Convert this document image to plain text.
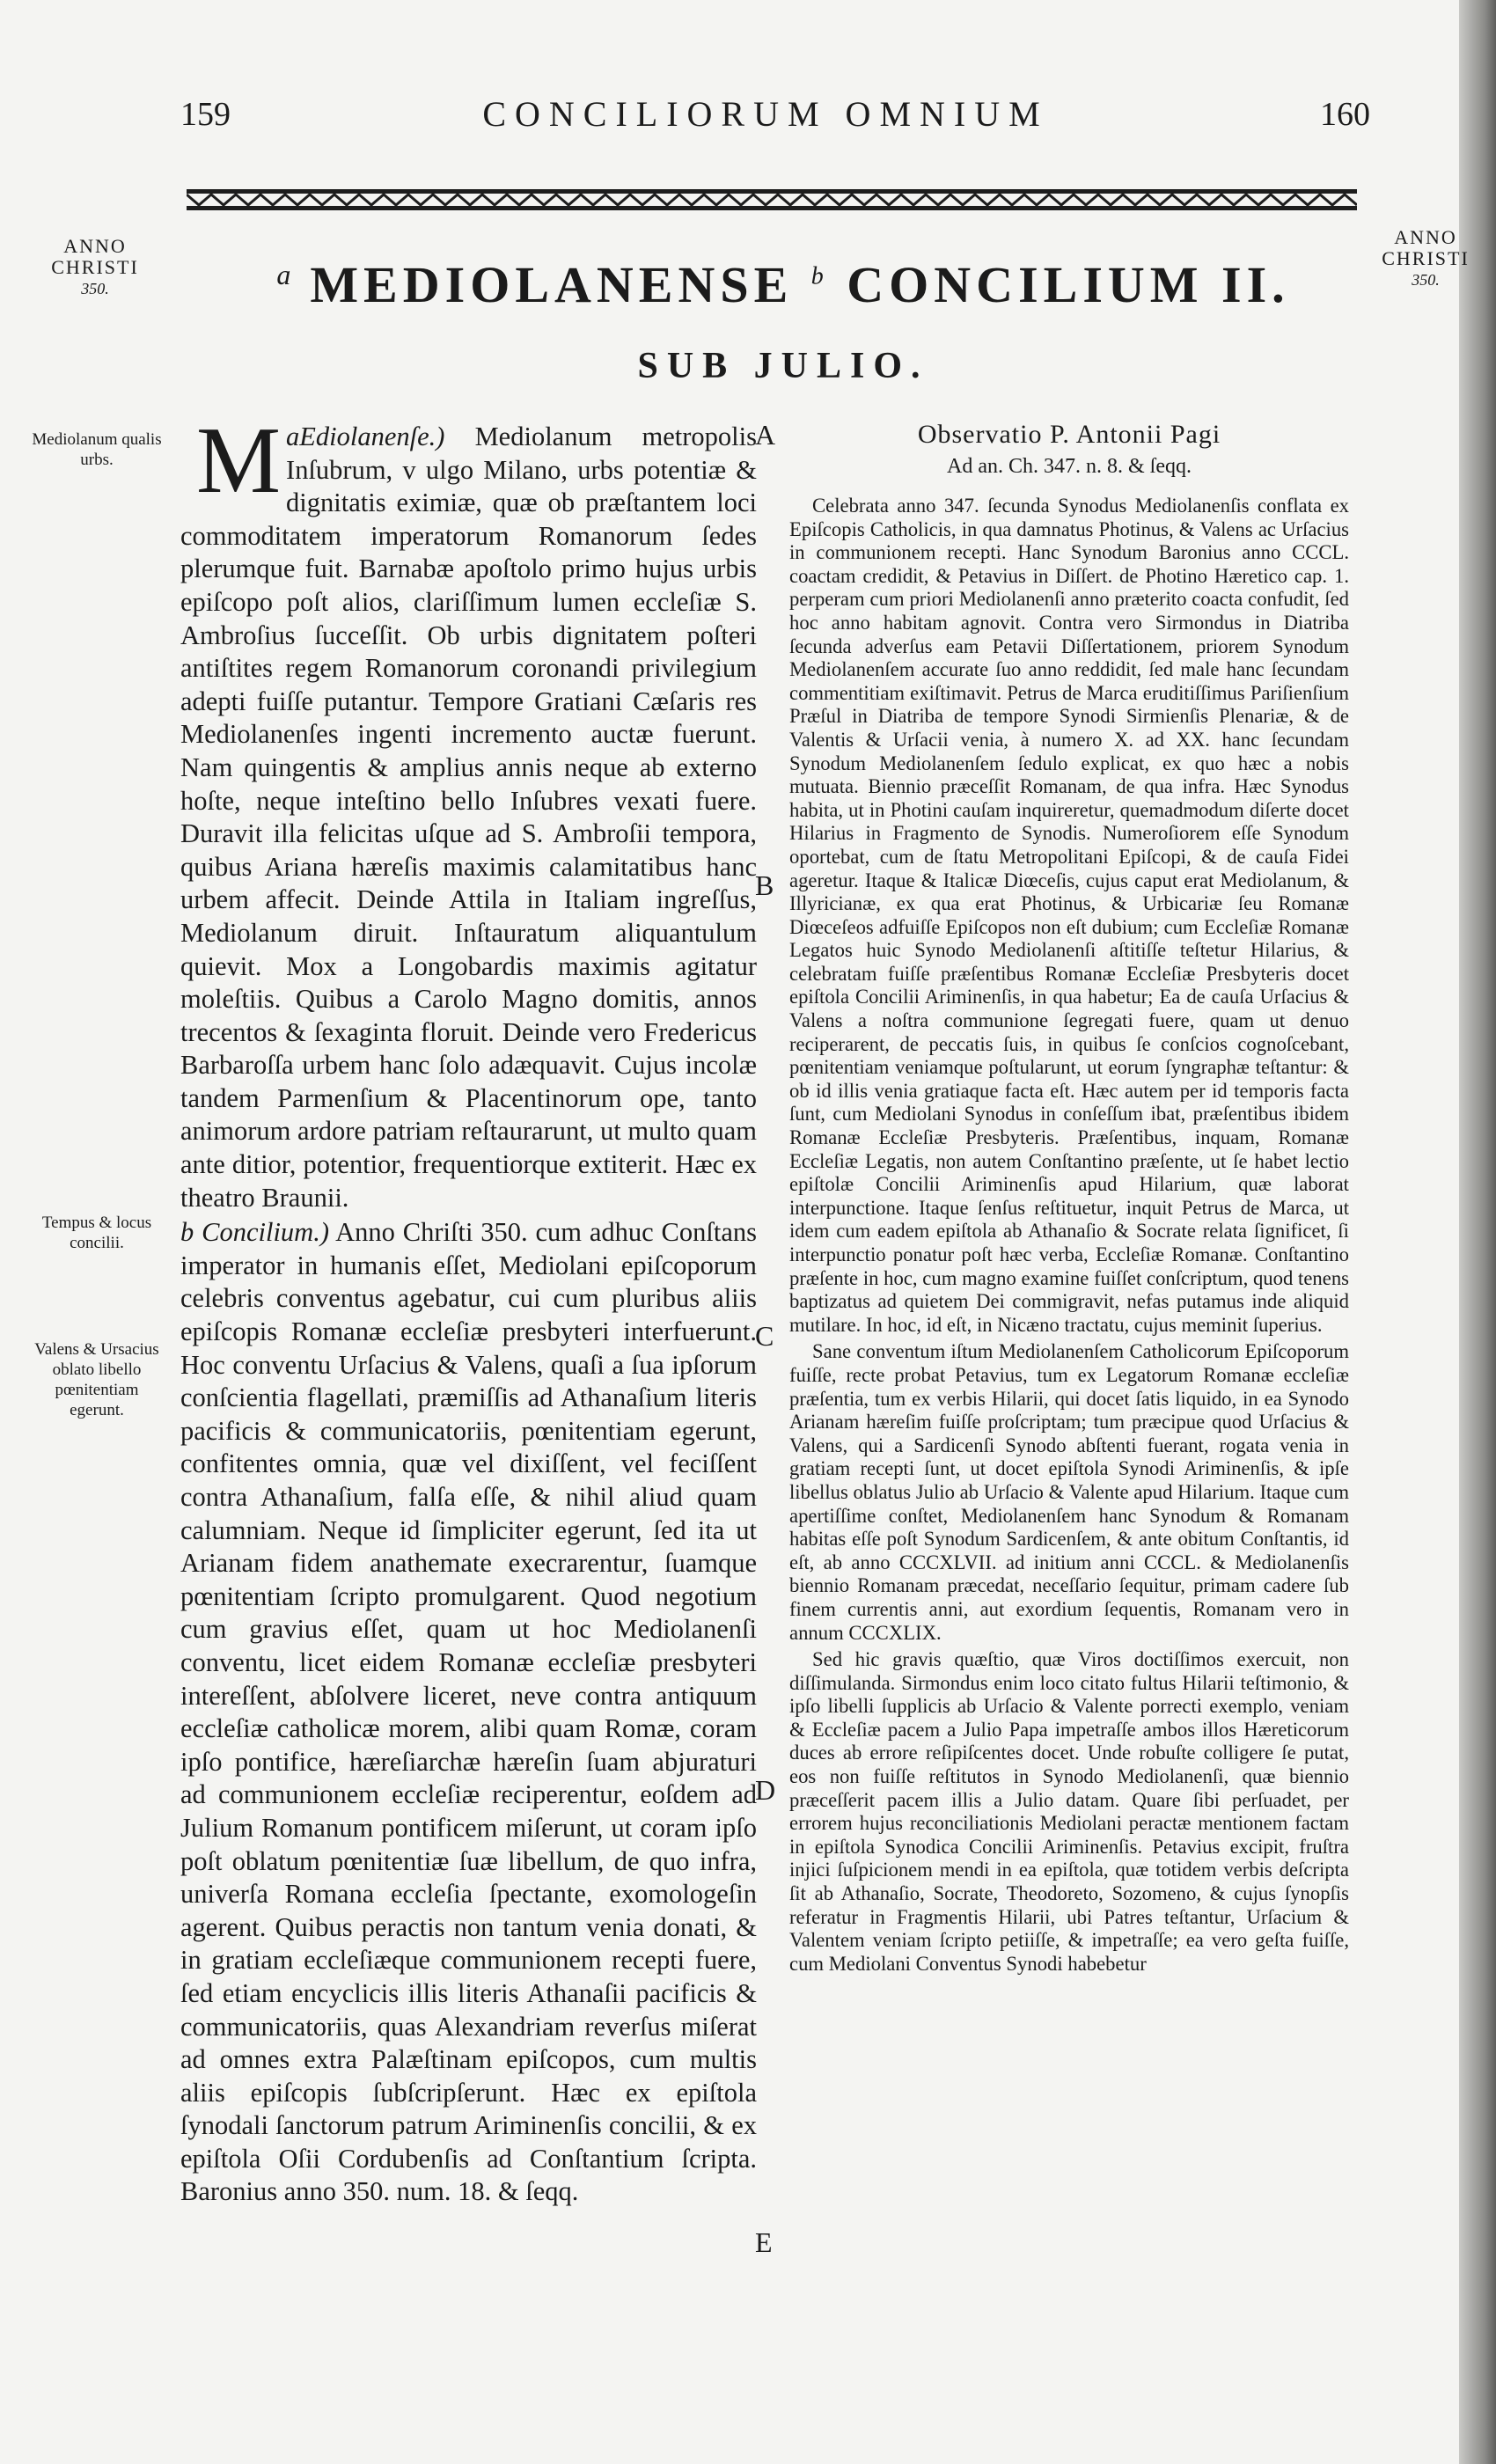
159	CONCILIORUM OMNIUM	160
ANNO
CHRISTI
350.
ANNO
CHRISTI
350.
$^a$ MEDIOLANENSE $^b$ CONCILIUM II.
SUB JULIO.
Mediolanum qualis urbs.
Tempus & locus concilii.
Valens & Ursacius oblato libello pœnitentiam egerunt.
A
B
C
D
E

a
M Ediolanenſe.) Mediolanum metropolis Inſubrum, v ulgo Milano, urbs potentiæ & dignitatis eximiæ, quæ ob præſtantem loci commoditatem imperatorum Romanorum ſedes plerumque fuit. Barnabæ apoſtolo primo hujus urbis epiſcopo poſt alios, clariſſimum lumen eccleſiæ S. Ambroſius ſucceſſit. Ob urbis dignitatem poſteri antiſtites regem Romanorum coronandi privilegium adepti fuiſſe putantur. Tempore Gratiani Cæſaris res Mediolanenſes ingenti incremento auctæ fuerunt. Nam quingentis & amplius annis neque ab externo hoſte, neque inteſtino bello Inſubres vexati fuere. Duravit illa felicitas uſque ad S. Ambroſii tempora, quibus Ariana hæreſis maximis calamitatibus hanc urbem affecit. Deinde Attila in Italiam ingreſſus, Mediolanum diruit. Inſtauratum aliquantulum quievit. Mox a Longobardis maximis agitatur moleſtiis. Quibus a Carolo Magno domitis, annos trecentos & ſexaginta floruit. Deinde vero Fredericus Barbaroſſa urbem hanc ſolo adæquavit. Cujus incolæ tandem Parmenſium & Placentinorum ope, tanto animorum ardore patriam reſtaurarunt, ut multo quam ante ditior, potentior, frequentiorque extiterit. Hæc ex theatro Braunii.

b Concilium.) Anno Chriſti 350. cum adhuc Conſtans imperator in humanis eſſet, Mediolani epiſcoporum celebris conventus agebatur, cui cum pluribus aliis epiſcopis Romanæ eccleſiæ presbyteri interfuerunt. Hoc conventu Urſacius & Valens, quaſi a ſua ipſorum conſcientia flagellati, præmiſſis ad Athanaſium literis pacificis & communicatoriis, pœnitentiam egerunt, confitentes omnia, quæ vel dixiſſent, vel feciſſent contra Athanaſium, falſa eſſe, & nihil aliud quam calumniam. Neque id ſimpliciter egerunt, ſed ita ut Arianam fidem anathemate execrarentur, ſuamque pœnitentiam ſcripto promulgarent. Quod negotium cum gravius eſſet, quam ut hoc Mediolanenſi conventu, licet eidem Romanæ eccleſiæ presbyteri intereſſent, abſolvere liceret, neve contra antiquum eccleſiæ catholicæ morem, alibi quam Romæ, coram ipſo pontifice, hæreſiarchæ hæreſin ſuam abjuraturi ad communionem eccleſiæ reciperentur, eoſdem ad Julium Romanum pontificem miſerunt, ut coram ipſo poſt oblatum pœnitentiæ ſuæ libellum, de quo infra, univerſa Romana eccleſia ſpectante, exomologeſin agerent. Quibus peractis non tantum venia donati, & in gratiam eccleſiæque communionem recepti fuere, ſed etiam encyclicis illis literis Athanaſii pacificis & communicatoriis, quas Alexandriam reverſus miſerat ad omnes extra Palæſtinam epiſcopos, cum multis aliis epiſcopis ſubſcripſerunt. Hæc ex epiſtola ſynodali ſanctorum patrum Ariminenſis concilii, & ex epiſtola Oſii Cordubenſis ad Conſtantium ſcripta. Baronius anno 350. num. 18. & ſeqq.

Observatio P. Antonii Pagi
Ad an. Ch. 347. n. 8. & ſeqq.

Celebrata anno 347. ſecunda Synodus Mediolanenſis conflata ex Epiſcopis Catholicis, in qua damnatus Photinus, & Valens ac Urſacius in communionem recepti. Hanc Synodum Baronius anno CCCL. coactam credidit, & Petavius in Diſſert. de Photino Hæretico cap. 1. perperam cum priori Mediolanenſi anno præterito coacta confudit, ſed hoc anno habitam agnovit. Contra vero Sirmondus in Diatriba ſecunda adverſus eam Petavii Diſſertationem, priorem Synodum Mediolanenſem accurate ſuo anno reddidit, ſed male hanc ſecundam commentitiam exiſtimavit. Petrus de Marca eruditiſſimus Pariſienſium Præſul in Diatriba de tempore Synodi Sirmienſis Plenariæ, & de Valentis & Urſacii venia, à numero X. ad XX. hanc ſecundam Synodum Mediolanenſem ſedulo explicat, ex quo hæc a nobis mutuata. Biennio præceſſit Romanam, de qua infra. Hæc Synodus habita, ut in Photini cauſam inquireretur, quemadmodum diſerte docet Hilarius in Fragmento de Synodis. Numeroſiorem eſſe Synodum oportebat, cum de ſtatu Metropolitani Epiſcopi, & de cauſa Fidei ageretur. Itaque & Italicæ Diœceſis, cujus caput erat Mediolanum, & Illyricianæ, ex qua erat Photinus, & Urbicariæ ſeu Romanæ Diœceſeos adfuiſſe Epiſcopos non eſt dubium; cum Eccleſiæ Romanæ Legatos huic Synodo Mediolanenſi aſtitiſſe teſtetur Hilarius, & celebratam fuiſſe præſentibus Romanæ Eccleſiæ Presbyteris docet epiſtola Concilii Ariminenſis, in qua habetur; Ea de cauſa Urſacius & Valens a noſtra communione ſegregati fuere, quam ut denuo reciperarent, de peccatis ſuis, in quibus ſe conſcios cognoſcebant, pœnitentiam veniamque poſtularunt, ut eorum ſyngraphæ teſtantur: & ob id illis venia gratiaque facta eſt. Hæc autem per id temporis facta ſunt, cum Mediolani Synodus in conſeſſum ibat, præſentibus ibidem Romanæ Eccleſiæ Presbyteris. Præſentibus, inquam, Romanæ Eccleſiæ Legatis, non autem Conſtantino præſente, ut ſe habet lectio epiſtolæ Concilii Ariminenſis apud Hilarium, quæ laborat interpunctione. Itaque ſenſus reſtituetur, inquit Petrus de Marca, ut idem cum eadem epiſtola ab Athanaſio & Socrate relata ſignificet, ſi interpunctio ponatur poſt hæc verba, Eccleſiæ Romanæ. Conſtantino præſente in hoc, cum magno examine fuiſſet conſcriptum, quod tenens baptizatus ad quietem Dei commigravit, nefas putamus inde aliquid mutilare. In hoc, id eſt, in Nicæno tractatu, cujus meminit ſuperius.

Sane conventum iſtum Mediolanenſem Catholicorum Epiſcoporum fuiſſe, recte probat Petavius, tum ex Legatorum Romanæ eccleſiæ præſentia, tum ex verbis Hilarii, qui docet ſatis liquido, in ea Synodo Arianam hæreſim fuiſſe proſcriptam; tum præcipue quod Urſacius & Valens, qui a Sardicenſi Synodo abſtenti fuerant, rogata venia in gratiam recepti ſunt, ut docet epiſtola Synodi Ariminenſis, & ipſe libellus oblatus Julio ab Urſacio & Valente apud Hilarium. Itaque cum apertiſſime conſtet, Mediolanenſem hanc Synodum & Romanam habitas eſſe poſt Synodum Sardicenſem, & ante obitum Conſtantis, id eſt, ab anno CCCXLVII. ad initium anni CCCL. & Mediolanenſis biennio Romanam præcedat, neceſſario ſequitur, primam cadere ſub finem currentis anni, aut exordium ſequentis, Romanam vero in annum CCCXLIX.

Sed hic gravis quæſtio, quæ Viros doctiſſimos exercuit, non diſſimulanda. Sirmondus enim loco citato fultus Hilarii teſtimonio, & ipſo libelli ſupplicis ab Urſacio & Valente porrecti exemplo, veniam & Eccleſiæ pacem a Julio Papa impetraſſe ambos illos Hæreticorum duces ab errore reſipiſcentes docet. Unde robuſte colligere ſe putat, eos non fuiſſe reſtitutos in Synodo Mediolanenſi, quæ biennio præceſſerit pacem illis a Julio datam. Quare ſibi perſuadet, per errorem hujus reconciliationis Mediolani peractæ mentionem factam in epiſtola Synodica Concilii Ariminenſis. Petavius excipit, fruſtra injici ſuſpicionem mendi in ea epiſtola, quæ totidem verbis deſcripta ſit ab Athanaſio, Socrate, Theodoreto, Sozomeno, & cujus ſynopſis referatur in Fragmentis Hilarii, ubi Patres teſtantur, Urſacium & Valentem veniam ſcripto petiiſſe, & impetraſſe; ea vero geſta fuiſſe, cum Mediolani Conventus Synodi habebetur
